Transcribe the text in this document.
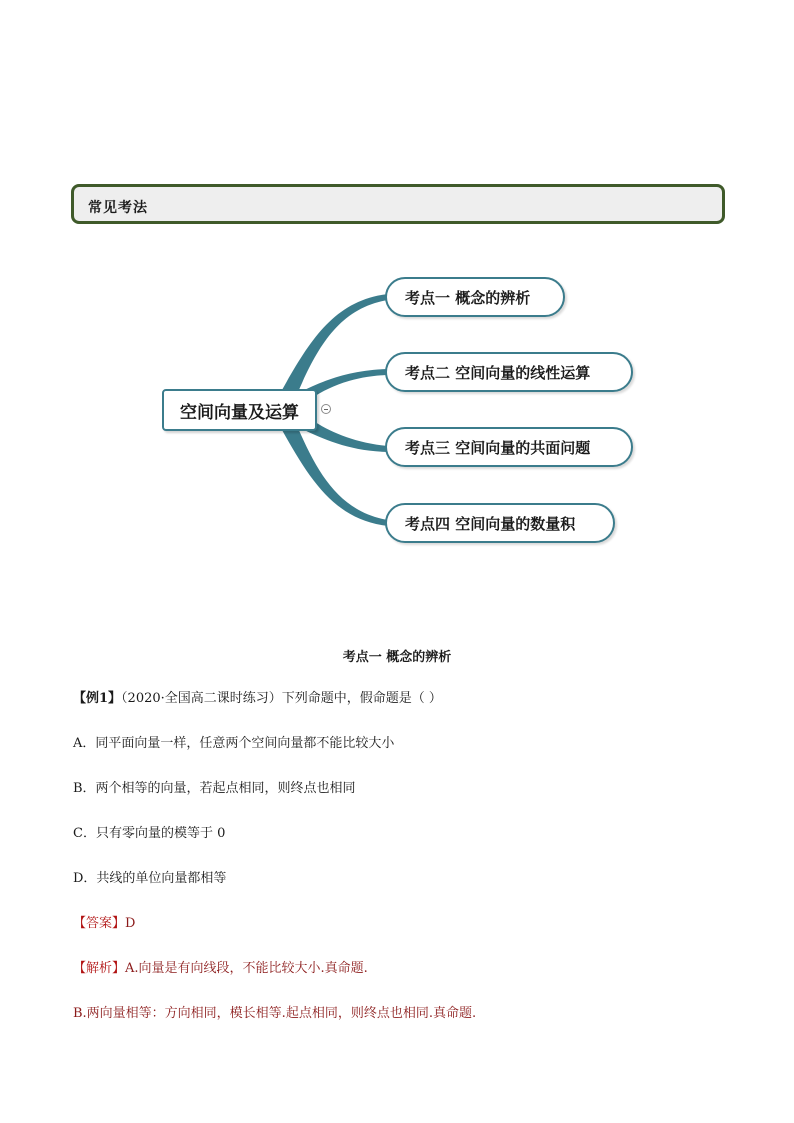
常见考法
空间向量及运算
考点一 概念的辨析
考点二 空间向量的线性运算
考点三 空间向量的共面问题
考点四 空间向量的数量积
考点一 概念的辨析
【例1】（2020·全国高二课时练习）下列命题中，假命题是（ ）
A．同平面向量一样，任意两个空间向量都不能比较大小
B．两个相等的向量，若起点相同，则终点也相同
C．只有零向量的模等于 0
D．共线的单位向量都相等
【答案】D
【解析】A.向量是有向线段，不能比较大小.真命题.
B.两向量相等：方向相同，模长相等.起点相同，则终点也相同.真命题.
